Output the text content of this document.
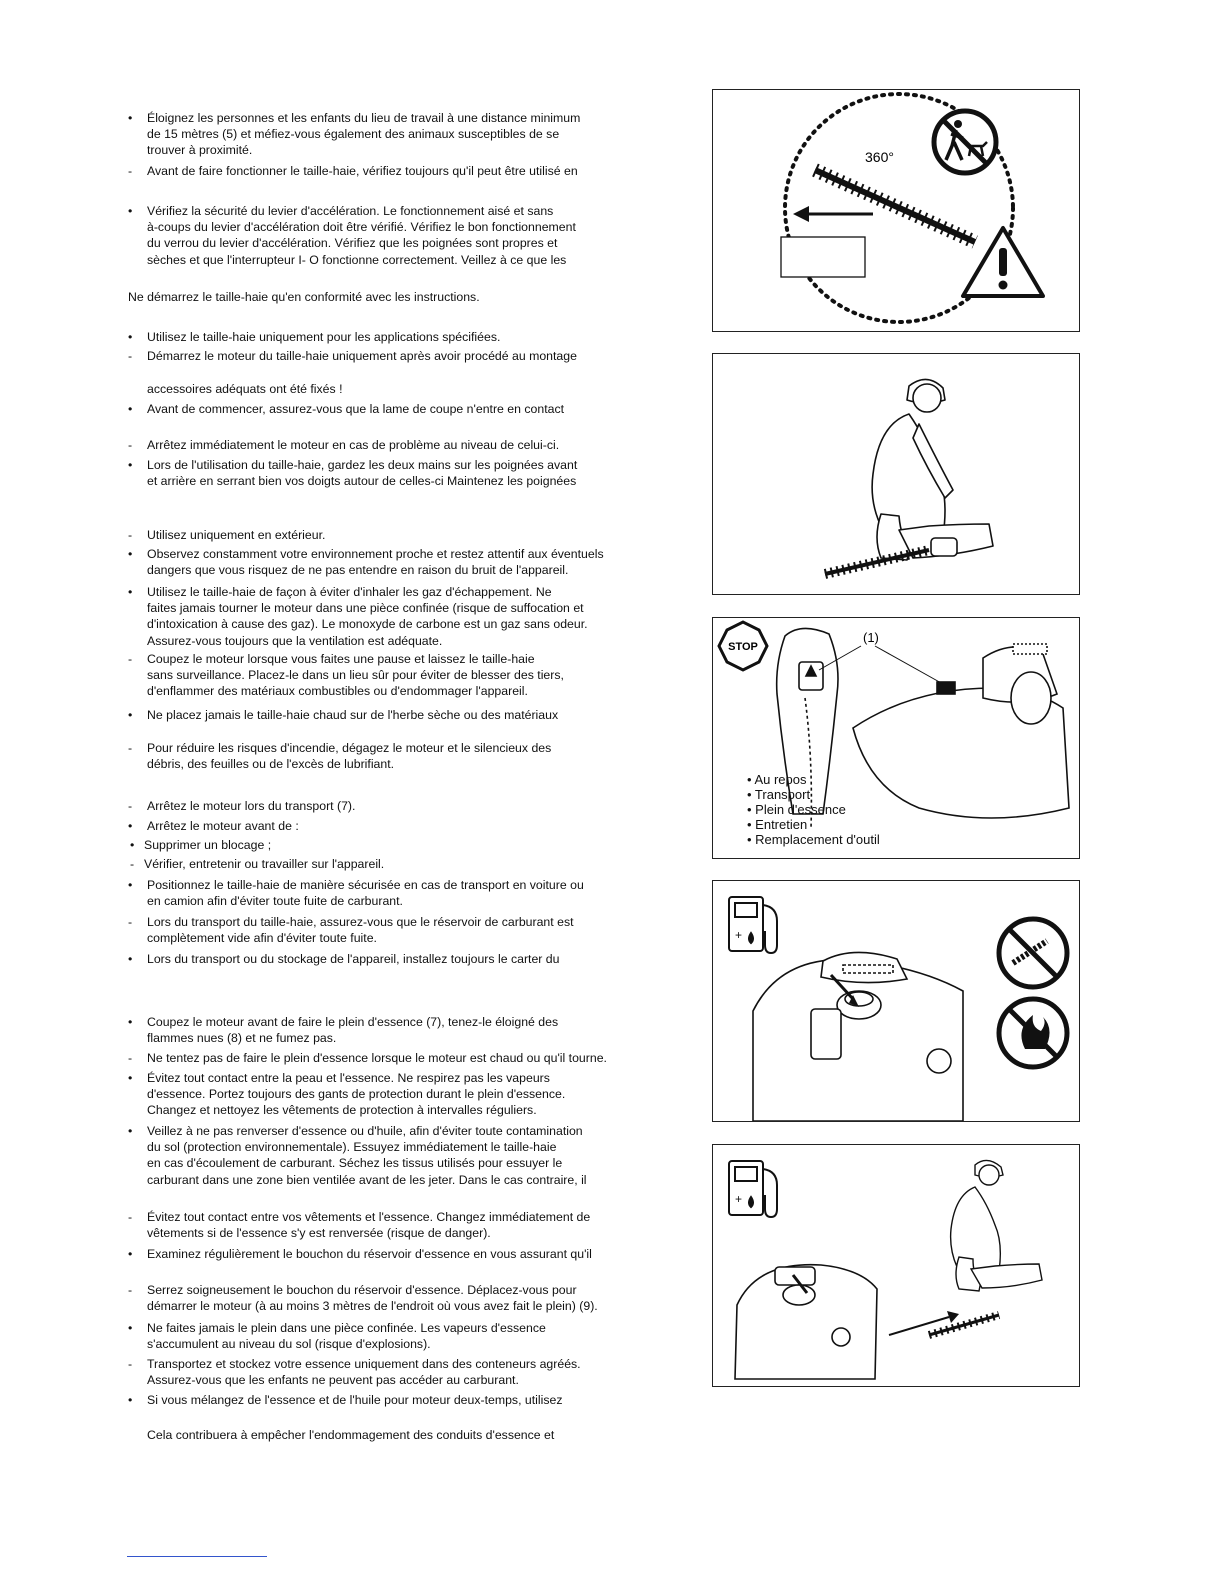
•	Éloignez les personnes et les enfants du lieu de travail à une distance minimum
de 15 mètres (5) et méfiez-vous également des animaux susceptibles de se
trouver à proximité.
-	Avant de faire fonctionner le taille-haie, vérifiez toujours qu'il peut être utilisé en
•	Vérifiez la sécurité du levier d'accélération. Le fonctionnement aisé et sans
à-coups du levier d'accélération doit être vérifié. Vérifiez le bon fonctionnement
du verrou du levier d'accélération. Vérifiez que les poignées sont propres et
sèches et que l'interrupteur I- O fonctionne correctement. Veillez à ce que les
Ne démarrez le taille-haie qu'en conformité avec les instructions.
•	Utilisez le taille-haie uniquement pour les applications spécifiées.
-	Démarrez le moteur du taille-haie uniquement après avoir procédé au montage
accessoires adéquats ont été fixés !
•	Avant de commencer, assurez-vous que la lame de coupe n'entre en contact
-	Arrêtez immédiatement le moteur en cas de problème au niveau de celui-ci.
•	Lors de l'utilisation du taille-haie, gardez les deux mains sur les poignées avant
et arrière en serrant bien vos doigts autour de celles-ci Maintenez les poignées
-	Utilisez uniquement en extérieur.
•	Observez constamment votre environnement proche et restez attentif aux éventuels
dangers que vous risquez de ne pas entendre en raison du bruit de l'appareil.
•	Utilisez le taille-haie de façon à éviter d'inhaler les gaz d'échappement. Ne
faites jamais tourner le moteur dans une pièce confinée (risque de suffocation et
d'intoxication à cause des gaz). Le monoxyde de carbone est un gaz sans odeur.
Assurez-vous toujours que la ventilation est adéquate.
-	Coupez le moteur lorsque vous faites une pause et laissez le taille-haie
sans surveillance. Placez-le dans un lieu sûr pour éviter de blesser des tiers,
d'enflammer des matériaux combustibles ou d'endommager l'appareil.
•	Ne placez jamais le taille-haie chaud sur de l'herbe sèche ou des matériaux
-	Pour réduire les risques d'incendie, dégagez le moteur et le silencieux des
débris, des feuilles ou de l'excès de lubrifiant.
-	Arrêtez le moteur lors du transport (7).
•	Arrêtez le moteur avant de :
• Supprimer un blocage ;
- Vérifier, entretenir ou travailler sur l'appareil.
•	Positionnez le taille-haie de manière sécurisée en cas de transport en voiture ou
en camion afin d'éviter toute fuite de carburant.
-	Lors du transport du taille-haie, assurez-vous que le réservoir de carburant est
complètement vide afin d'éviter toute fuite.
•	Lors du transport ou du stockage de l'appareil, installez toujours le carter du
•	Coupez le moteur avant de faire le plein d'essence (7), tenez-le éloigné des
flammes nues (8) et ne fumez pas.
-	Ne tentez pas de faire le plein d'essence lorsque le moteur est chaud ou qu'il tourne.
•	Évitez tout contact entre la peau et l'essence. Ne respirez pas les vapeurs
d'essence. Portez toujours des gants de protection durant le plein d'essence.
Changez et nettoyez les vêtements de protection à intervalles réguliers.
•	Veillez à ne pas renverser d'essence ou d'huile, afin d'éviter toute contamination
du sol (protection environnementale). Essuyez immédiatement le taille-haie
en cas d'écoulement de carburant. Séchez les tissus utilisés pour essuyer le
carburant dans une zone bien ventilée avant de les jeter. Dans le cas contraire, il
-	Évitez tout contact entre vos vêtements et l'essence. Changez immédiatement de
vêtements si de l'essence s'y est renversée (risque de danger).
•	Examinez régulièrement le bouchon du réservoir d'essence en vous assurant qu'il
-	Serrez soigneusement le bouchon du réservoir d'essence. Déplacez-vous pour
démarrer le moteur (à au moins 3 mètres de l'endroit où vous avez fait le plein) (9).
•	Ne faites jamais le plein dans une pièce confinée. Les vapeurs d'essence
s'accumulent au niveau du sol (risque d'explosions).
-	Transportez et stockez votre essence uniquement dans des conteneurs agréés.
Assurez-vous que les enfants ne peuvent pas accéder au carburant.
•	Si vous mélangez de l'essence et de l'huile pour moteur deux-temps, utilisez
Cela contribuera à empêcher l'endommagement des conduits d'essence et
360°
STOP
(1)
• Au repos
• Transport
• Plein d'essence
• Entretien
• Remplacement d'outil
+
+
